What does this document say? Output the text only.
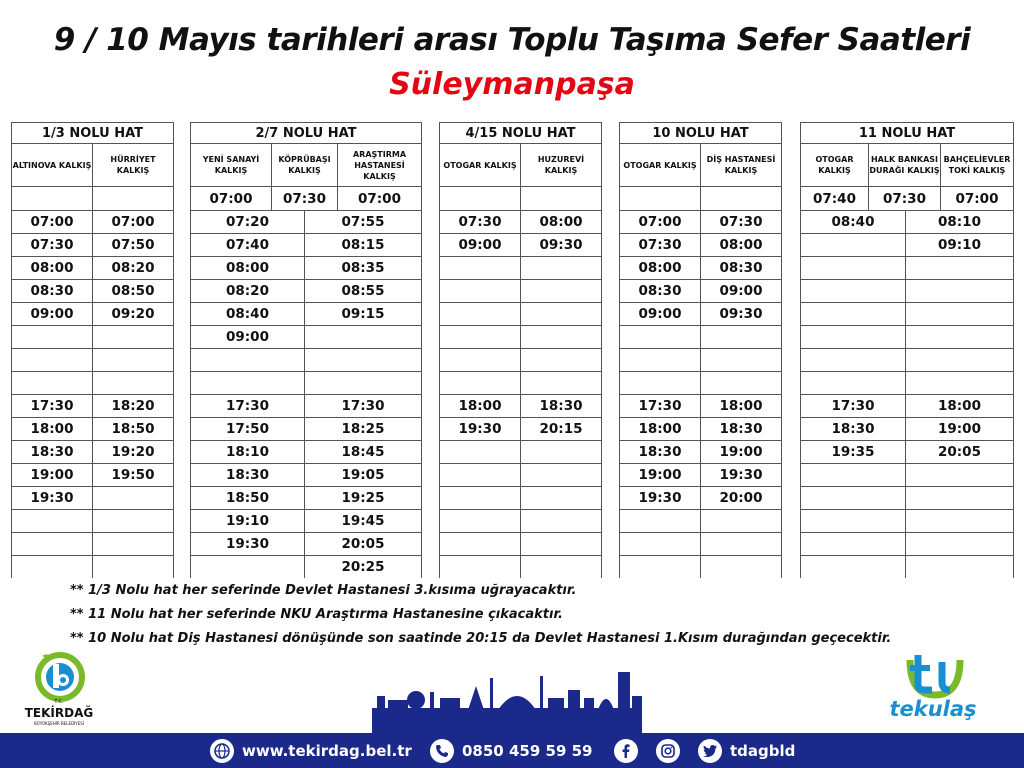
9 / 10 Mayıs tarihleri arası Toplu Taşıma Sefer Saatleri
Süleymanpaşa
1/3 NOLU HAT	
ALTINOVA KALKIŞ	HÜRRİYET KALKIŞ

07:00	07:00
07:30	07:50
08:00	08:20
08:30	08:50
09:00	09:20

17:30	18:20
18:00	18:50
18:30	19:20
19:00	19:50
19:30	

2/7 NOLU HAT			
YENİ SANAYİ KALKIŞ	KÖPRÜBAŞI KALKIŞ		ARAŞTIRMA HASTANESİ KALKIŞ
07:00	07:30		07:00
07:20		07:55	
07:40		08:15	
08:00		08:35	
08:20		08:55	
08:40		09:15	
09:00			

17:30		17:30	
17:50		18:25	
18:10		18:45	
18:30		19:05	
18:50		19:25	
19:10		19:45	
19:30		20:05	
		20:25	
4/15 NOLU HAT	
OTOGAR KALKIŞ	HUZUREVİ KALKIŞ

07:30	08:00
09:00	09:30

18:00	18:30
19:30	20:15

10 NOLU HAT	
OTOGAR KALKIŞ	DİŞ HASTANESİ KALKIŞ

07:00	07:30
07:30	08:00
08:00	08:30
08:30	09:00
09:00	09:30

17:30	18:00
18:00	18:30
18:30	19:00
19:00	19:30
19:30	20:00

11 NOLU HAT			
OTOGAR KALKIŞ	HALK BANKASI DURAĞI KALKIŞ		BAHÇELİEVLER TOKİ KALKIŞ
07:40	07:30		07:00
08:40		08:10	
		09:10	

17:30		18:00	
18:30		19:00	
19:35		20:05	

** 1/3 Nolu hat her seferinde Devlet Hastanesi 3.kısıma uğrayacaktır.
** 11 Nolu hat her seferinde NKU Araştırma Hastanesine çıkacaktır.
** 10 Nolu hat Diş Hastanesi dönüşünde son saatinde 20:15 da Devlet Hastanesi 1.Kısım durağından geçecektir.
T.C.
TEKİRDAĞ
BÜYÜKŞEHİR BELEDİYESİ
tekulaş
www.tekirdag.bel.tr	0850 459 59 59	tdagbld
